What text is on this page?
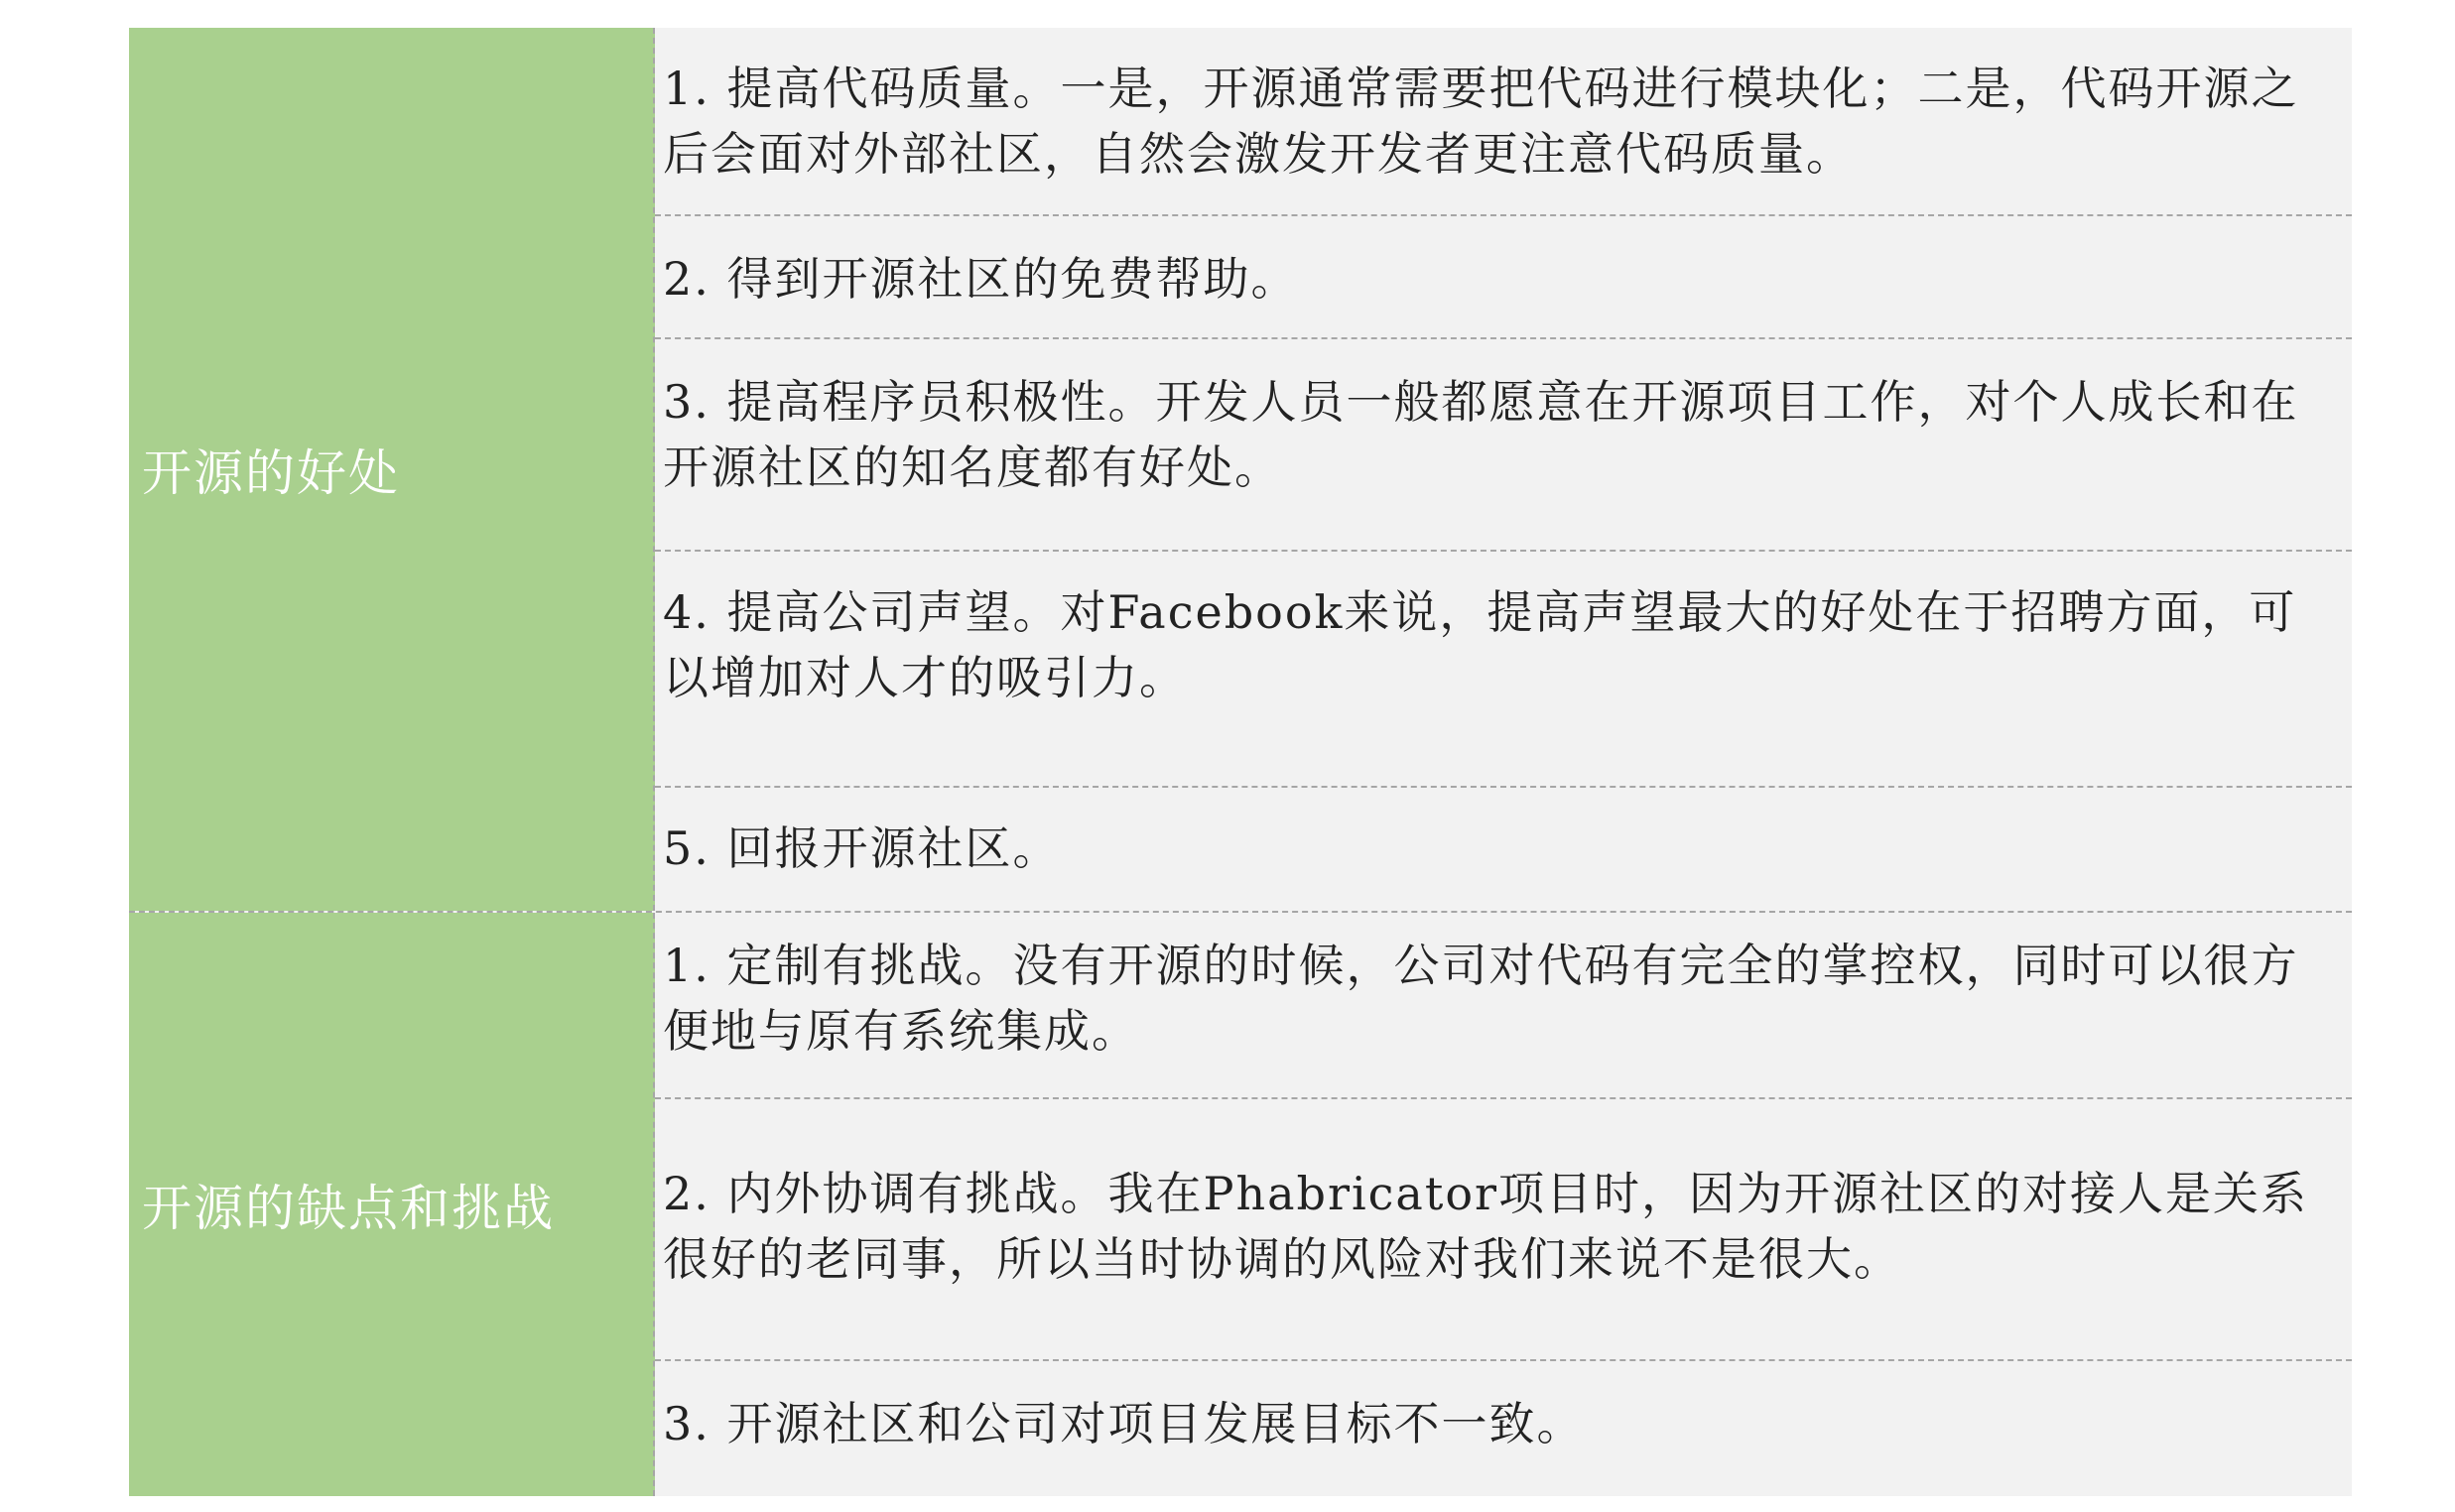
开源的好处
1. 提高代码质量。一是，开源通常需要把代码进行模块化；二是，代码开源之后会面对外部社区，自然会激发开发者更注意代码质量。
2. 得到开源社区的免费帮助。
3. 提高程序员积极性。开发人员一般都愿意在开源项目工作，对个人成长和在开源社区的知名度都有好处。
4. 提高公司声望。对Facebook来说，提高声望最大的好处在于招聘方面，可以增加对人才的吸引力。
5. 回报开源社区。
开源的缺点和挑战
1. 定制有挑战。没有开源的时候，公司对代码有完全的掌控权，同时可以很方便地与原有系统集成。
2. 内外协调有挑战。我在Phabricator项目时，因为开源社区的对接人是关系很好的老同事，所以当时协调的风险对我们来说不是很大。
3. 开源社区和公司对项目发展目标不一致。
